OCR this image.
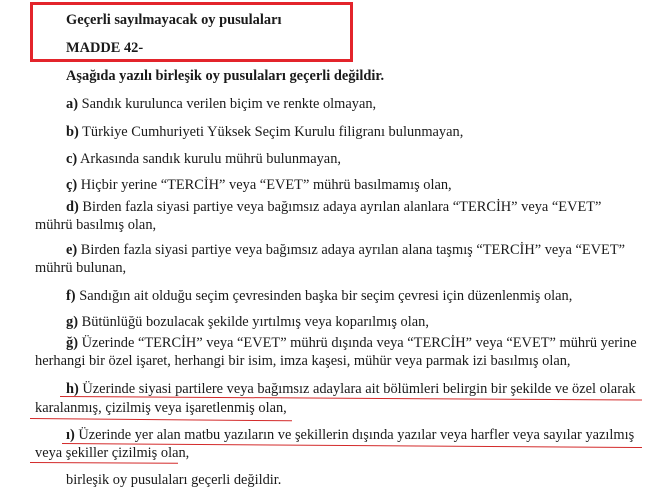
Geçerli sayılmayacak oy pusulaları
MADDE 42-
Aşağıda yazılı birleşik oy pusulaları geçerli değildir.
a) Sandık kurulunca verilen biçim ve renkte olmayan,
b) Türkiye Cumhuriyeti Yüksek Seçim Kurulu filigranı bulunmayan,
c) Arkasında sandık kurulu mührü bulunmayan,
ç) Hiçbir yerine “TERCİH” veya “EVET” mührü basılmamış olan,
d) Birden fazla siyasi partiye veya bağımsız adaya ayrılan alanlara “TERCİH” veya “EVET”
mührü basılmış olan,
e) Birden fazla siyasi partiye veya bağımsız adaya ayrılan alana taşmış “TERCİH” veya “EVET”
mührü bulunan,
f) Sandığın ait olduğu seçim çevresinden başka bir seçim çevresi için düzenlenmiş olan,
g) Bütünlüğü bozulacak şekilde yırtılmış veya koparılmış olan,
ğ) Üzerinde “TERCİH” veya “EVET” mührü dışında veya “TERCİH” veya “EVET” mührü yerine
herhangi bir özel işaret, herhangi bir isim, imza kaşesi, mühür veya parmak izi basılmış olan,
h) Üzerinde siyasi partilere veya bağımsız adaylara ait bölümleri belirgin bir şekilde ve özel olarak
karalanmış, çizilmiş veya işaretlenmiş olan,
ı) Üzerinde yer alan matbu yazıların ve şekillerin dışında yazılar veya harfler veya sayılar yazılmış
veya şekiller çizilmiş olan,
birleşik oy pusulaları geçerli değildir.
